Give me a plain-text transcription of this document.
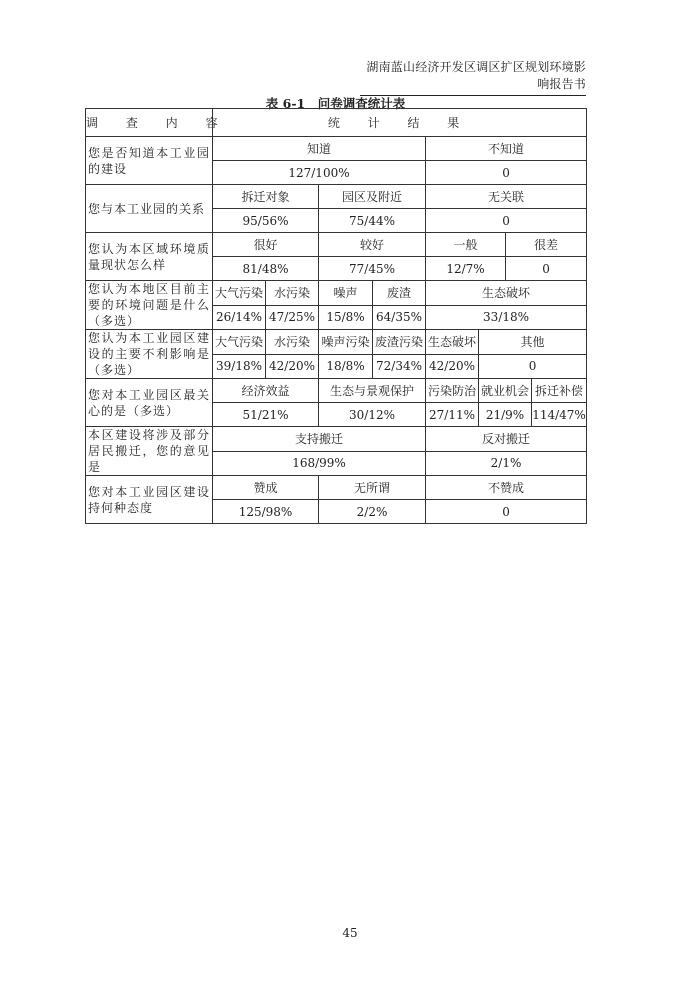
湖南蓝山经济开发区调区扩区规划环境影响报告书
表 6-1　问卷调查统计表
调 查 内 容	统 计 结 果							
您是否知道本工业园的建设	知道				不知道			
	127/100%				0			
您与本工业园的关系	拆迁对象		园区及附近		无关联			
	95/56%		75/44%		0			
您认为本区域环境质量现状怎么样	很好		较好		一般		很差	
	81/48%		77/45%		12/7%		0	
您认为本地区目前主要的环境问题是什么（多选）	大气污染	水污染	噪声	废渣	生态破坏			
	26/14%	47/25%	15/8%	64/35%	33/18%			
您认为本工业园区建设的主要不利影响是（多选）	大气污染	水污染	噪声污染	废渣污染	生态破坏	其他		
	39/18%	42/20%	18/8%	72/34%	42/20%	0		
您对本工业园区最关心的是（多选）	经济效益		生态与景观保护		污染防治	就业机会		拆迁补偿
	51/21%		30/12%		27/11%	21/9%		114/47%
本区建设将涉及部分居民搬迁，您的意见是	支持搬迁				反对搬迁			
	168/99%				2/1%			
您对本工业园区建设持何种态度	赞成		无所谓		不赞成			
	125/98%		2/2%		0			
45
